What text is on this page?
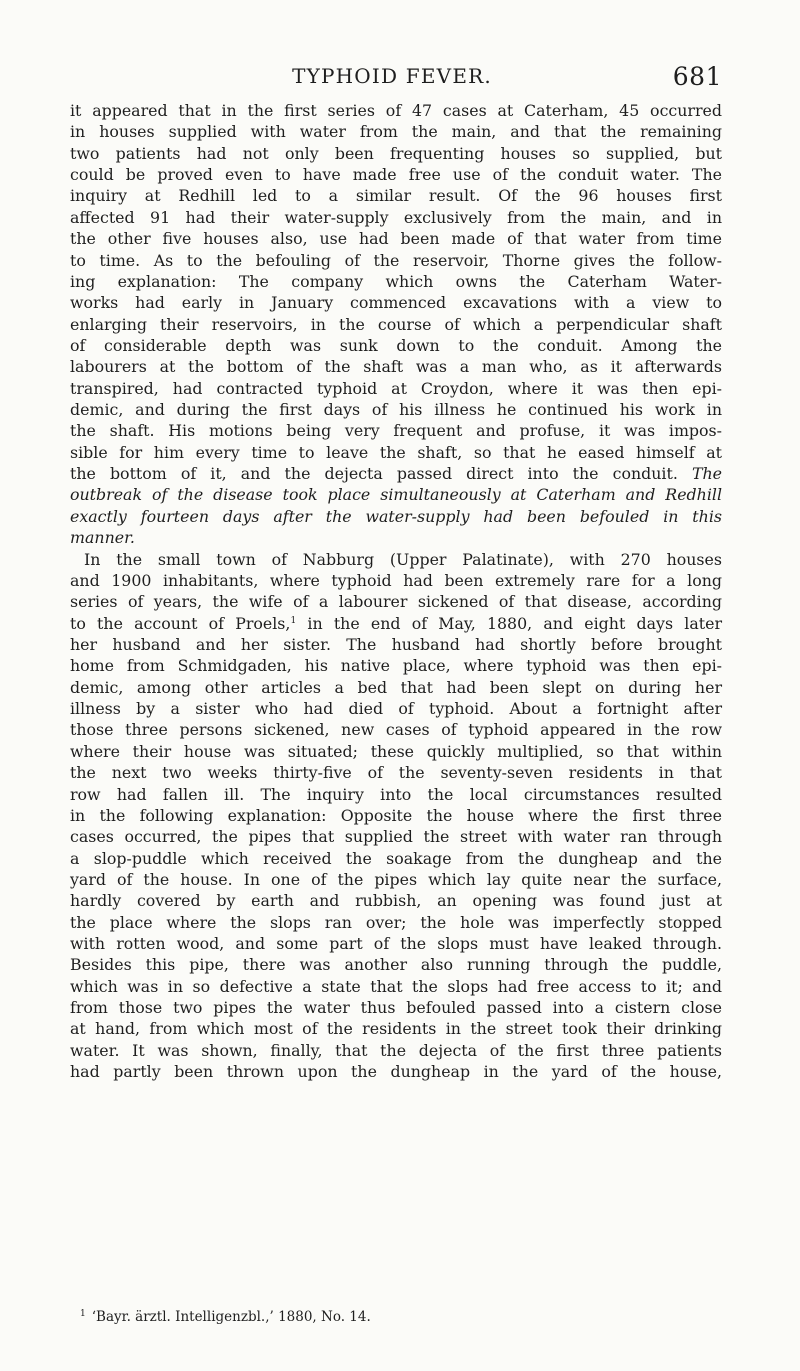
TYPHOID FEVER.	681
it appeared that in the first series of 47 cases at Caterham, 45 occurred
in houses supplied with water from the main, and that the remaining
two patients had not only been frequenting houses so supplied, but
could be proved even to have made free use of the conduit water. The
inquiry at Redhill led to a similar result. Of the 96 houses first
affected 91 had their water-supply exclusively from the main, and in
the other five houses also, use had been made of that water from time
to time. As to the befouling of the reservoir, Thorne gives the follow-
ing explanation: The company which owns the Caterham Water-
works had early in January commenced excavations with a view to
enlarging their reservoirs, in the course of which a perpendicular shaft
of considerable depth was sunk down to the conduit. Among the
labourers at the bottom of the shaft was a man who, as it afterwards
transpired, had contracted typhoid at Croydon, where it was then epi-
demic, and during the first days of his illness he continued his work in
the shaft. His motions being very frequent and profuse, it was impos-
sible for him every time to leave the shaft, so that he eased himself at
the bottom of it, and the dejecta passed direct into the conduit. The
outbreak of the disease took place simultaneously at Caterham and Redhill
exactly fourteen days after the water-supply had been befouled in this
manner.
In the small town of Nabburg (Upper Palatinate), with 270 houses
and 1900 inhabitants, where typhoid had been extremely rare for a long
series of years, the wife of a labourer sickened of that disease, according
to the account of Proels,$^1$ in the end of May, 1880, and eight days later
her husband and her sister. The husband had shortly before brought
home from Schmidgaden, his native place, where typhoid was then epi-
demic, among other articles a bed that had been slept on during her
illness by a sister who had died of typhoid. About a fortnight after
those three persons sickened, new cases of typhoid appeared in the row
where their house was situated; these quickly multiplied, so that within
the next two weeks thirty-five of the seventy-seven residents in that
row had fallen ill. The inquiry into the local circumstances resulted
in the following explanation: Opposite the house where the first three
cases occurred, the pipes that supplied the street with water ran through
a slop-puddle which received the soakage from the dungheap and the
yard of the house. In one of the pipes which lay quite near the surface,
hardly covered by earth and rubbish, an opening was found just at
the place where the slops ran over; the hole was imperfectly stopped
with rotten wood, and some part of the slops must have leaked through.
Besides this pipe, there was another also running through the puddle,
which was in so defective a state that the slops had free access to it; and
from those two pipes the water thus befouled passed into a cistern close
at hand, from which most of the residents in the street took their drinking
water. It was shown, finally, that the dejecta of the first three patients
had partly been thrown upon the dungheap in the yard of the house,
$^1$ ‘Bayr. ärztl. Intelligenzbl.,’ 1880, No. 14.
